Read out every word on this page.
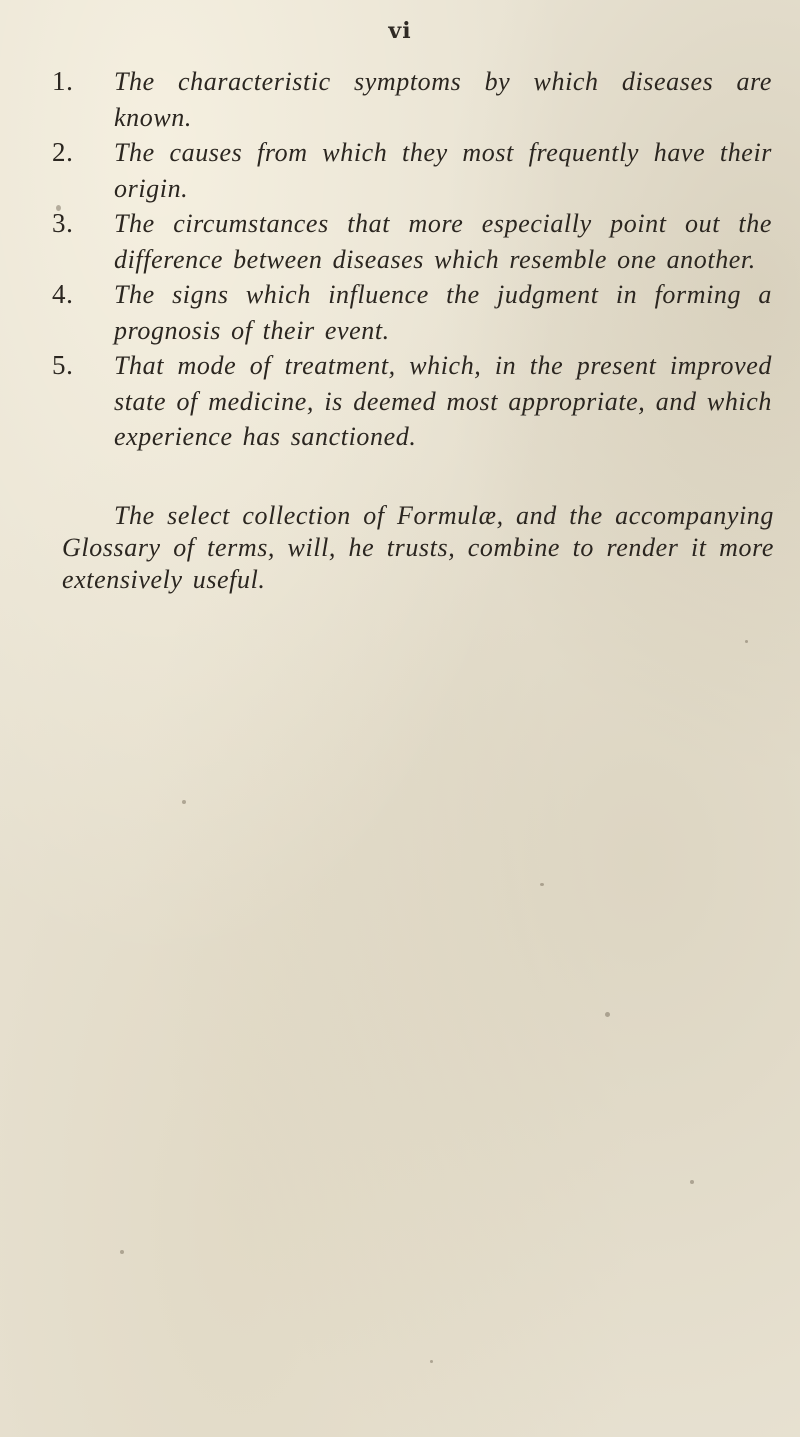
vi
1.	The characteristic symptoms by which diseases are known.
2.	The causes from which they most frequently have their origin.
3.	The circumstances that more especially point out the difference between diseases which resemble one another.
4.	The signs which influence the judgment in forming a prognosis of their event.
5.	That mode of treatment, which, in the present improved state of medicine, is deemed most appropriate, and which experience has sanctioned.

The select collection of Formulæ, and the accompanying Glossary of terms, will, he trusts, combine to render it more extensively useful.
